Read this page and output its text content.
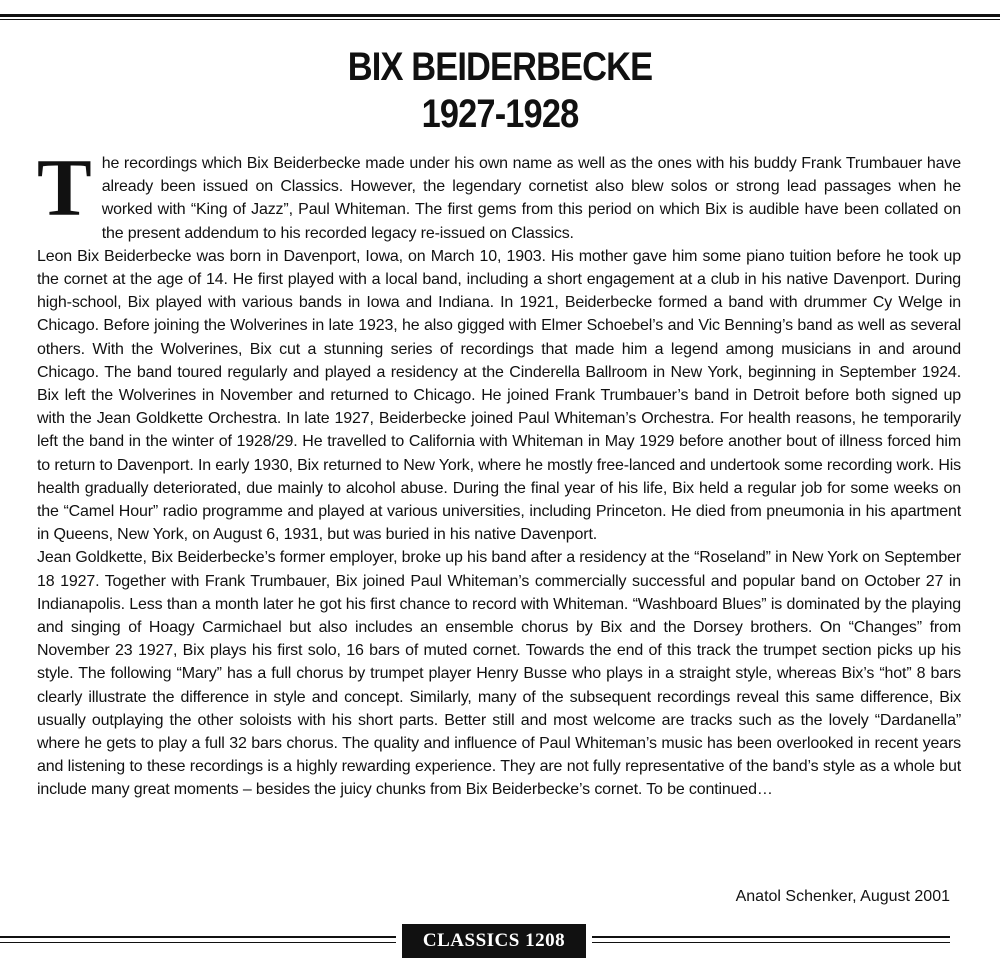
BIX BEIDERBECKE
1927-1928

The recordings which Bix Beiderbecke made under his own name as well as the ones with his buddy Frank Trumbauer have already been issued on Classics. However, the legendary cornetist also blew solos or strong lead passages when he worked with “King of Jazz”, Paul Whiteman. The first gems from this period on which Bix is audible have been collated on the present addendum to his recorded legacy re-issued on Classics.

Leon Bix Beiderbecke was born in Davenport, Iowa, on March 10, 1903. His mother gave him some piano tuition before he took up the cornet at the age of 14. He first played with a local band, including a short engagement at a club in his native Davenport. During high-school, Bix played with various bands in Iowa and Indiana. In 1921, Beiderbecke formed a band with drummer Cy Welge in Chicago. Before joining the Wolverines in late 1923, he also gigged with Elmer Schoebel’s and Vic Benning’s band as well as several others. With the Wolverines, Bix cut a stunning series of recordings that made him a legend among musicians in and around Chicago. The band toured regularly and played a residency at the Cinderella Ballroom in New York, beginning in September 1924. Bix left the Wolverines in November and returned to Chicago. He joined Frank Trumbauer’s band in Detroit before both signed up with the Jean Goldkette Orchestra. In late 1927, Beiderbecke joined Paul Whiteman’s Orchestra. For health reasons, he temporarily left the band in the winter of 1928/29. He travelled to California with Whiteman in May 1929 before another bout of illness forced him to return to Davenport. In early 1930, Bix returned to New York, where he mostly free-lanced and undertook some recording work. His health gradually deteriorated, due mainly to alcohol abuse. During the final year of his life, Bix held a regular job for some weeks on the “Camel Hour” radio programme and played at various universities, including Princeton. He died from pneumonia in his apartment in Queens, New York, on August 6, 1931, but was buried in his native Davenport.

Jean Goldkette, Bix Beiderbecke’s former employer, broke up his band after a residency at the “Roseland” in New York on September 18 1927. Together with Frank Trumbauer, Bix joined Paul Whiteman’s commercially successful and popular band on October 27 in Indianapolis. Less than a month later he got his first chance to record with Whiteman. “Washboard Blues” is dominated by the playing and singing of Hoagy Carmichael but also includes an ensemble chorus by Bix and the Dorsey brothers. On “Changes” from November 23 1927, Bix plays his first solo, 16 bars of muted cornet. Towards the end of this track the trumpet section picks up his style. The following “Mary” has a full chorus by trumpet player Henry Busse who plays in a straight style, whereas Bix’s “hot” 8 bars clearly illustrate the difference in style and concept. Similarly, many of the subsequent recordings reveal this same difference, Bix usually outplaying the other soloists with his short parts. Better still and most welcome are tracks such as the lovely “Dardanella” where he gets to play a full 32 bars chorus. The quality and influence of Paul Whiteman’s music has been overlooked in recent years and listening to these recordings is a highly rewarding experience. They are not fully representative of the band’s style as a whole but include many great moments – besides the juicy chunks from Bix Beiderbecke’s cornet. To be continued…

Anatol Schenker, August 2001
CLASSICS 1208
